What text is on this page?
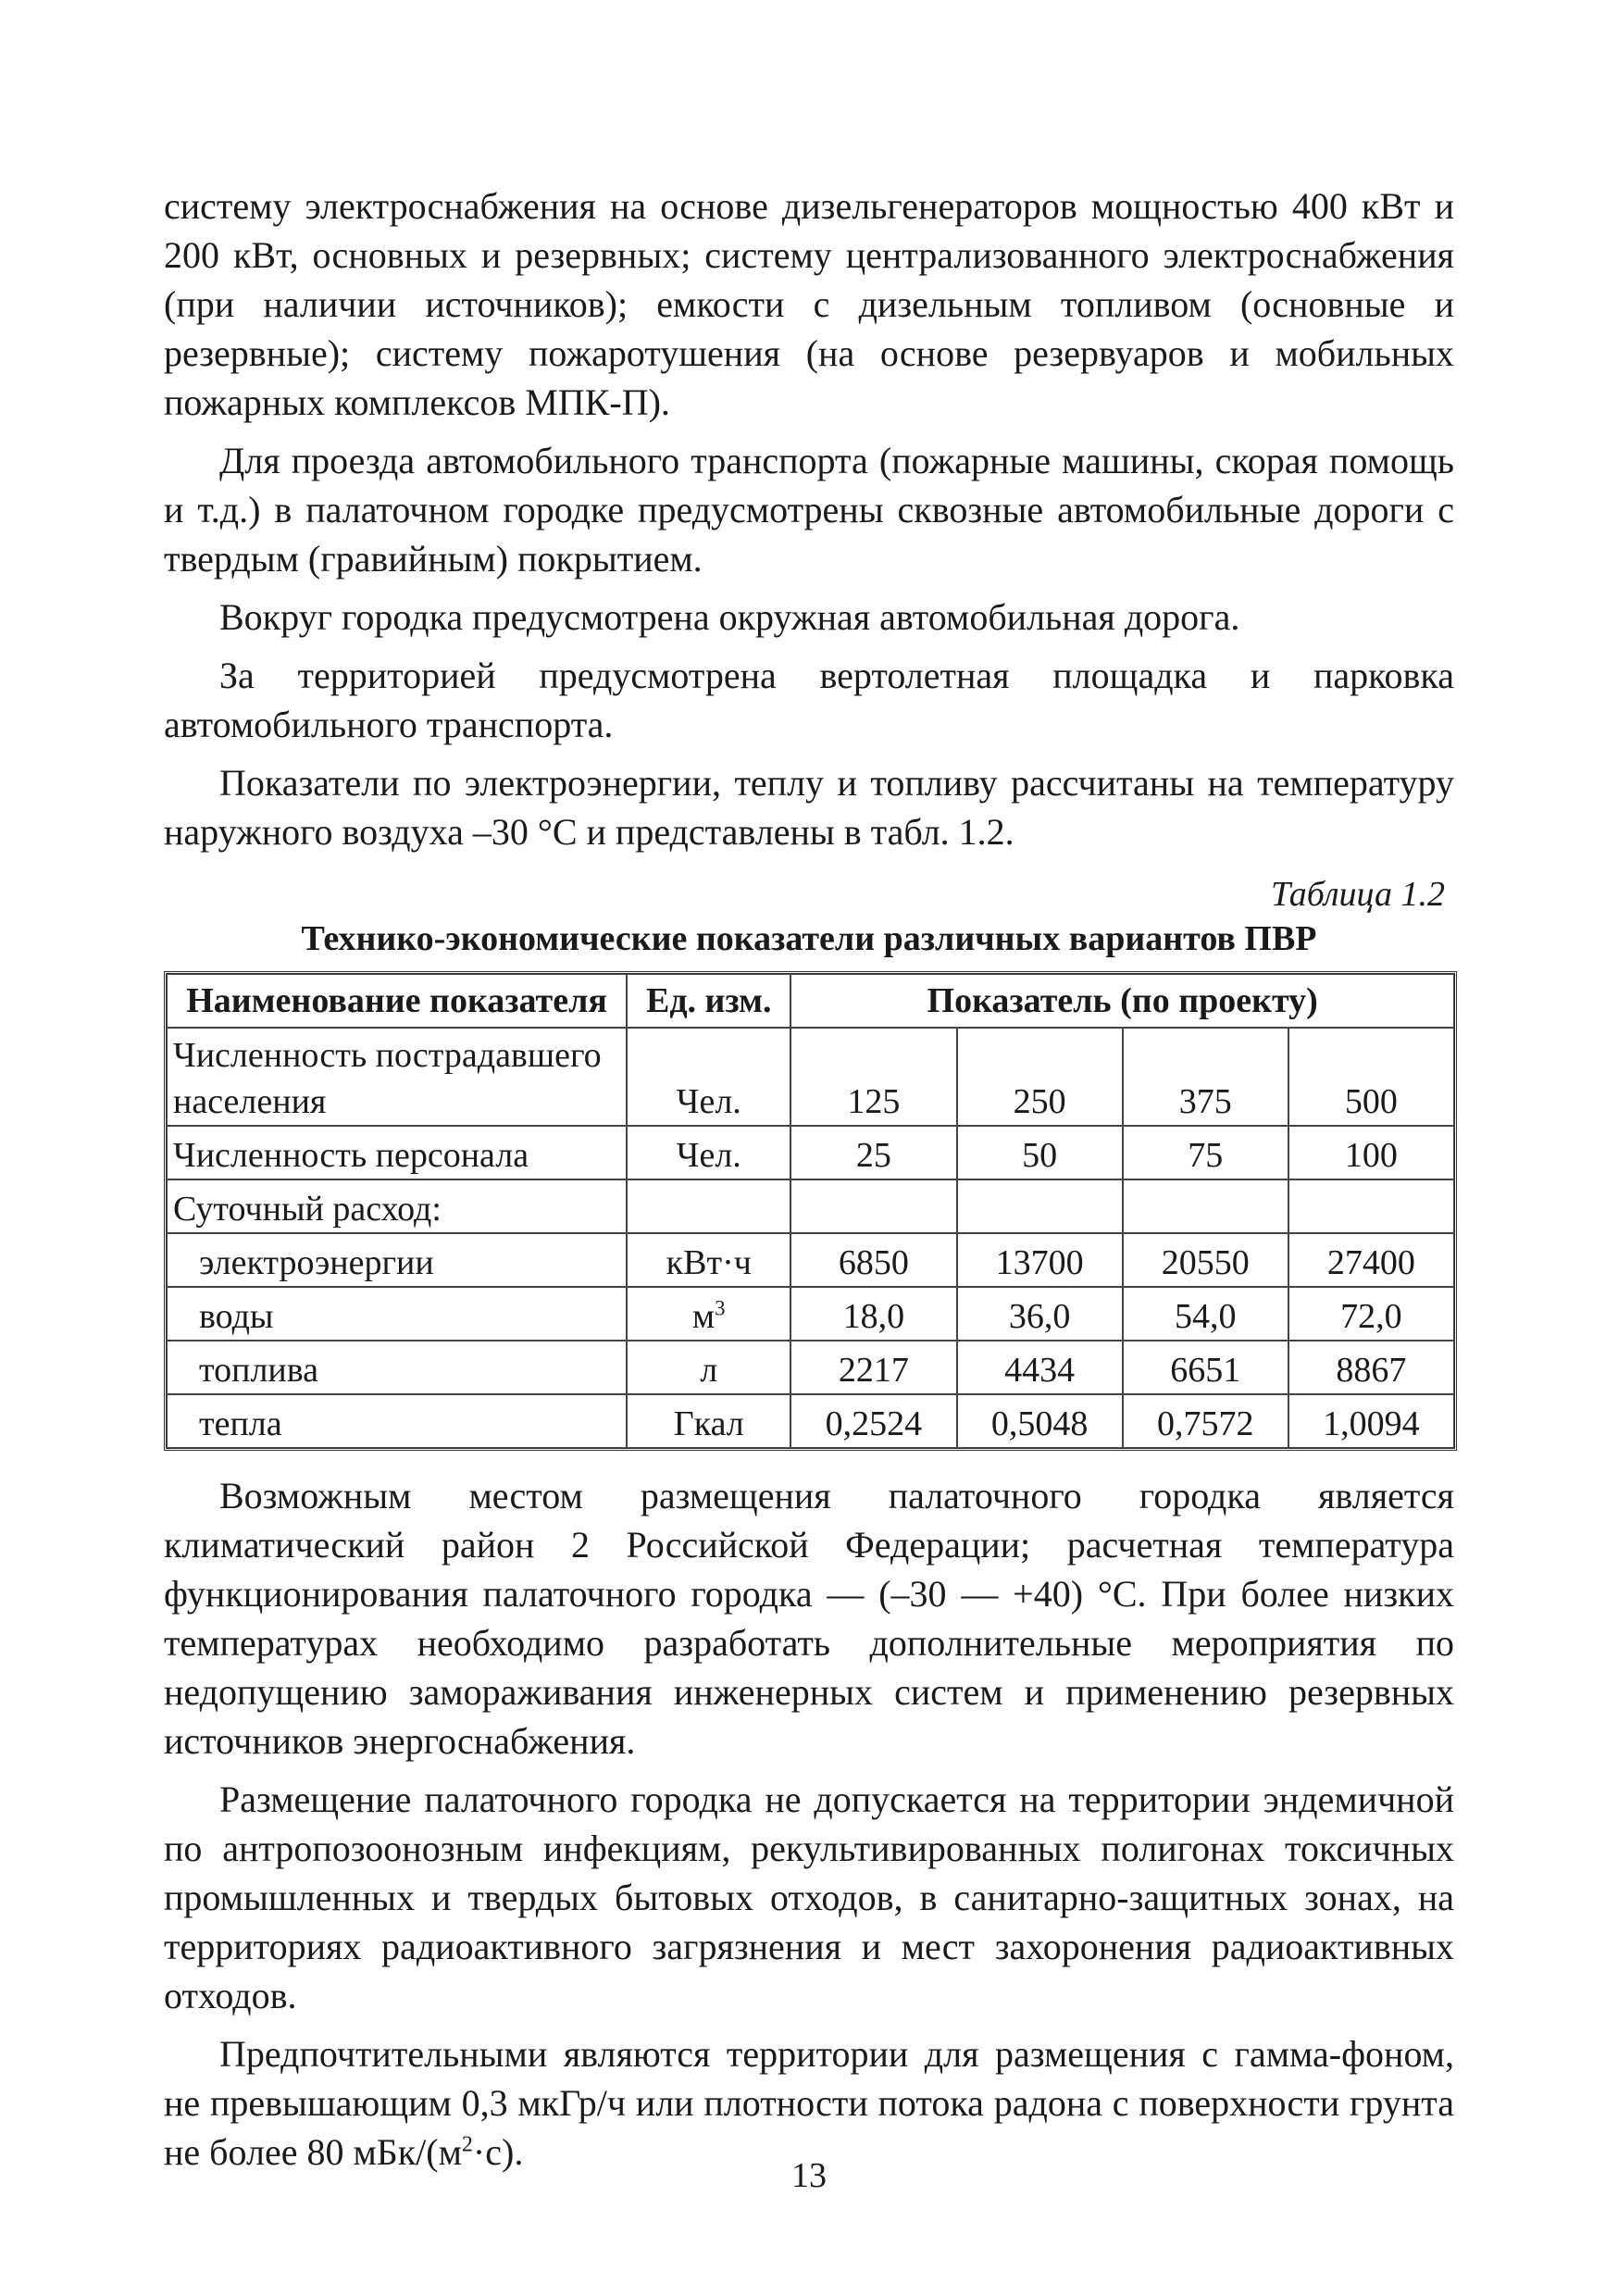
систему электроснабжения на основе дизельгенераторов мощностью 400 кВт и 200 кВт, основных и резервных; систему централизованного электроснабжения (при наличии источников); емкости с дизельным топливом (основные и резервные); систему пожаротушения (на основе резервуаров и мобильных пожарных комплексов МПК-П).

Для проезда автомобильного транспорта (пожарные машины, скорая помощь и т.д.) в палаточном городке предусмотрены сквозные автомобильные дороги с твердым (гравийным) покрытием.

Вокруг городка предусмотрена окружная автомобильная дорога.

За территорией предусмотрена вертолетная площадка и парковка автомобильного транспорта.

Показатели по электроэнергии, теплу и топливу рассчитаны на температуру наружного воздуха –30 °С и представлены в табл. 1.2.

Таблица 1.2
Технико-экономические показатели различных вариантов ПВР
Наименование показателя	Ед. изм.	Показатель (по проекту)			
Численность пострадавшего населения	Чел.	125	250	375	500
Численность персонала	Чел.	25	50	75	100
Суточный расход:					
электроэнергии	кВт·ч	6850	13700	20550	27400
воды	$м^3$	18,0	36,0	54,0	72,0
топлива	л	2217	4434	6651	8867
тепла	Гкал	0,2524	0,5048	0,7572	1,0094

Возможным местом размещения палаточного городка является климатический район 2 Российской Федерации; расчетная температура функционирования палаточного городка — (–30 — +40) °С. При более низких температурах необходимо разработать дополнительные мероприятия по недопущению замораживания инженерных систем и применению резервных источников энергоснабжения.

Размещение палаточного городка не допускается на территории эндемичной по антропозоонозным инфекциям, рекультивированных полигонах токсичных промышленных и твердых бытовых отходов, в санитарно-защитных зонах, на территориях радиоактивного загрязнения и мест захоронения радиоактивных отходов.

Предпочтительными являются территории для размещения с гамма-фоном, не превышающим 0,3 мкГр/ч или плотности потока радона с поверхности грунта не более 80 мБк/$(м^2\cdot с)$.

13
